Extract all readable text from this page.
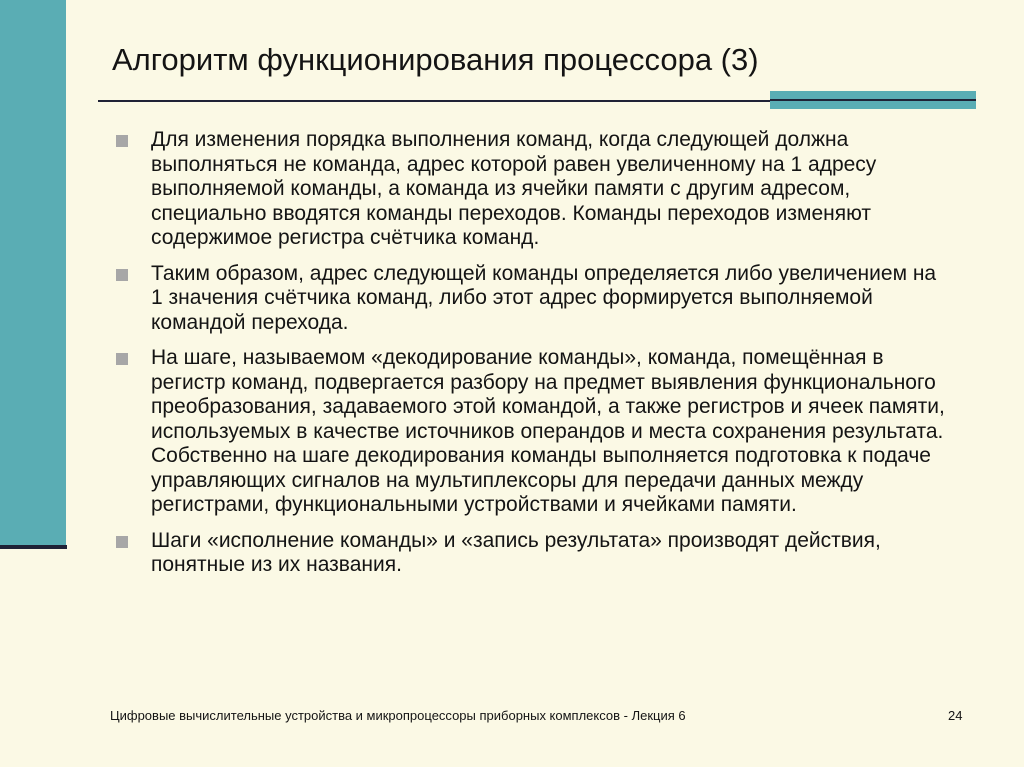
Алгоритм функционирования процессора (3)
Для изменения порядка выполнения команд, когда следующей должна выполняться не команда, адрес которой равен увеличенному на 1 адресу выполняемой команды, а команда из ячейки памяти с другим адресом, специально вводятся команды переходов. Команды переходов изменяют содержимое регистра счётчика команд.
Таким образом, адрес следующей команды определяется либо увеличением на 1 значения счётчика команд, либо этот адрес формируется выполняемой командой перехода.
На шаге, называемом «декодирование команды», команда, помещённая в регистр команд, подвергается разбору на предмет выявления функционального преобразования, задаваемого этой командой, а также регистров и ячеек памяти, используемых в качестве источников операндов и места сохранения результата. Собственно на шаге декодирования команды выполняется подготовка к подаче управляющих сигналов на мультиплексоры для передачи данных между регистрами, функциональными устройствами и ячейками памяти.
Шаги «исполнение команды» и «запись результата» производят действия, понятные из их названия.
Цифровые вычислительные устройства и микропроцессоры приборных комплексов - Лекция 6	24
